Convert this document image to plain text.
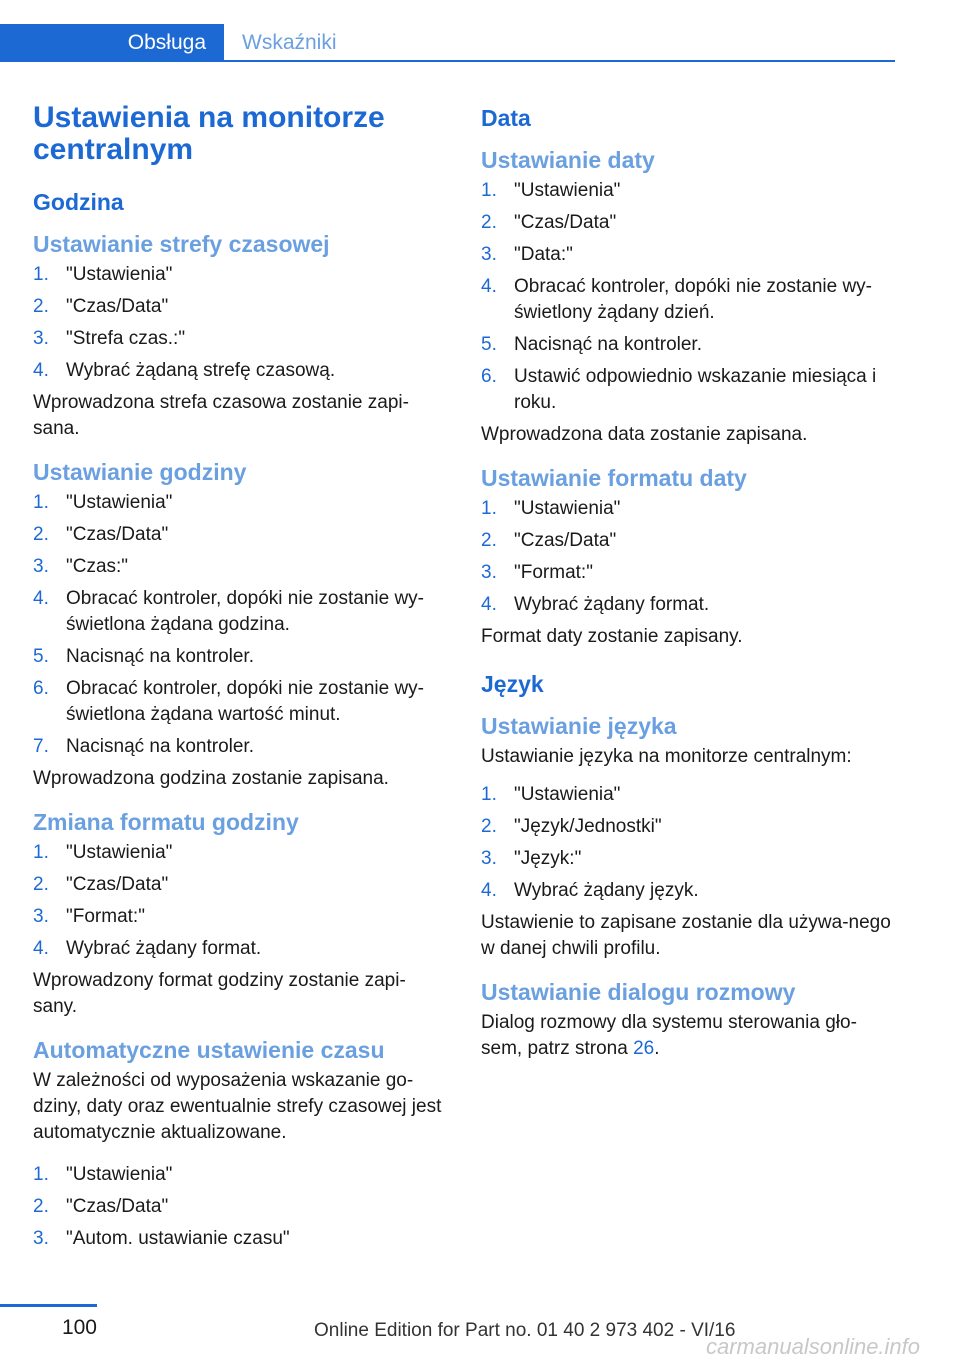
Obsługa	Wskaźniki
Ustawienia na monitorze centralnym
Godzina
Ustawianie strefy czasowej
1. "Ustawienia"
2. "Czas/Data"
3. "Strefa czas.:"
4. Wybrać żądaną strefę czasową.

Wprowadzona strefa czasowa zostanie zapi-sana.

Ustawianie godziny
1. "Ustawienia"
2. "Czas/Data"
3. "Czas:"
4. Obracać kontroler, dopóki nie zostanie wy-świetlona żądana godzina.
5. Nacisnąć na kontroler.
6. Obracać kontroler, dopóki nie zostanie wy-świetlona żądana wartość minut.
7. Nacisnąć na kontroler.

Wprowadzona godzina zostanie zapisana.

Zmiana formatu godziny
1. "Ustawienia"
2. "Czas/Data"
3. "Format:"
4. Wybrać żądany format.

Wprowadzony format godziny zostanie zapi-sany.

Automatyczne ustawienie czasu

W zależności od wyposażenia wskazanie go-dziny, daty oraz ewentualnie strefy czasowej jest automatycznie aktualizowane.

1. "Ustawienia"
2. "Czas/Data"
3. "Autom. ustawianie czasu"
Data
Ustawianie daty
1. "Ustawienia"
2. "Czas/Data"
3. "Data:"
4. Obracać kontroler, dopóki nie zostanie wy-świetlony żądany dzień.
5. Nacisnąć na kontroler.
6. Ustawić odpowiednio wskazanie miesiąca i roku.

Wprowadzona data zostanie zapisana.

Ustawianie formatu daty
1. "Ustawienia"
2. "Czas/Data"
3. "Format:"
4. Wybrać żądany format.

Format daty zostanie zapisany.

Język
Ustawianie języka

Ustawianie języka na monitorze centralnym:

1. "Ustawienia"
2. "Język/Jednostki"
3. "Język:"
4. Wybrać żądany język.

Ustawienie to zapisane zostanie dla używa-nego w danej chwili profilu.

Ustawianie dialogu rozmowy

Dialog rozmowy dla systemu sterowania gło-sem, patrz strona 26.

100	Online Edition for Part no. 01 40 2 973 402 - VI/16
carmanualsonline.info
